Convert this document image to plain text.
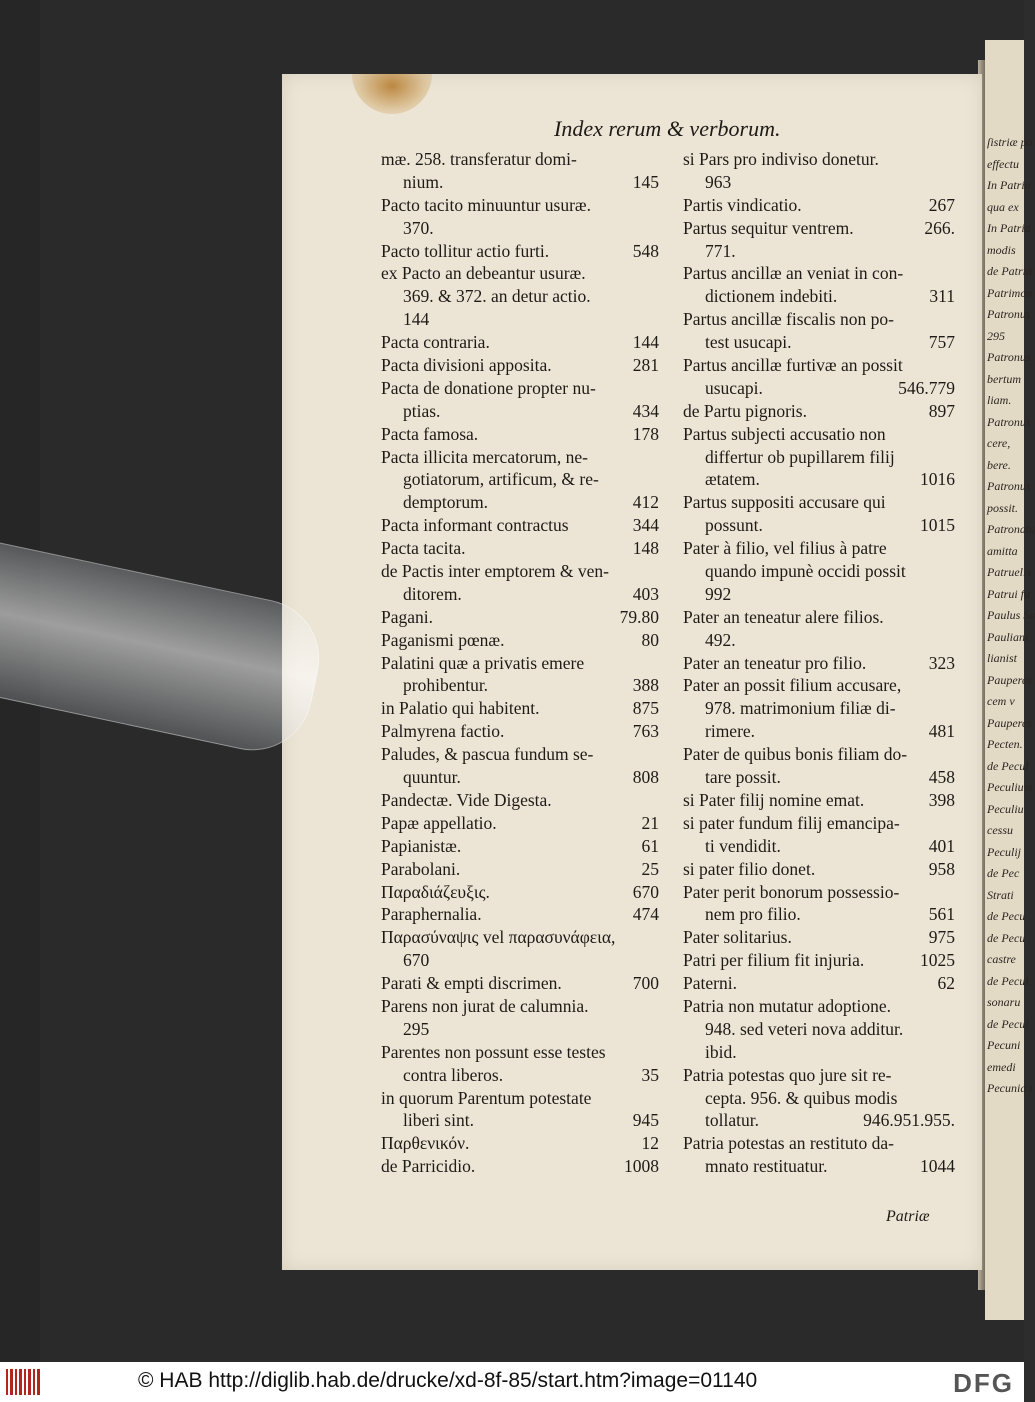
ſistriæ po
effectu
In Patria
qua ex
In Patria
modis
de Patria
Patrimon
Patronus
295
Patronus
bertum
liam.
Patronus
cere,
bere.
Patronus
possit.
Patronatu
amitta
Patruelis
Patrui fu
Paulus Sa
Pauliani
lianist
Pauperes
cem v
Pauperes
Pecten.
de Pecul
Peculium
Peculiu
cessu
Peculij
de Pec
Strati
de Pecu
de Pecu
castre
de Pecul
sonaru
de Pecul
Pecuni
emedi
Pecunia t
Index rerum & verborum.
mæ. 258. transferatur domi-
nium.	145
Pacto tacito minuuntur usuræ.
370.
Pacto tollitur actio furti.	548
ex Pacto an debeantur usuræ.
369. & 372. an detur actio.
144
Pacta contraria.	144
Pacta divisioni apposita.	281
Pacta de donatione propter nu-
ptias.	434
Pacta famosa.	178
Pacta illicita mercatorum, ne-
gotiatorum, artificum, & re-
demptorum.	412
Pacta informant contractus	344
Pacta tacita.	148
de Pactis inter emptorem & ven-
ditorem.	403
Pagani.	79.80
Paganismi pœnæ.	80
Palatini quæ a privatis emere
prohibentur.	388
in Palatio qui habitent.	875
Palmyrena factio.	763
Paludes, & pascua fundum se-
quuntur.	808
Pandectæ. Vide Digesta.
Papæ appellatio.	21
Papianistæ.	61
Parabolani.	25
Παραδιάζευξις.	670
Paraphernalia.	474
Παρασύναψις vel παρασυνάφεια,
670
Parati & empti discrimen.	700
Parens non jurat de calumnia.
295
Parentes non possunt esse testes
contra liberos.	35
in quorum Parentum potestate
liberi sint.	945
Παρθενικόν.	12
de Parricidio.	1008
si Pars pro indiviso donetur.
963
Partis vindicatio.	267
Partus sequitur ventrem.	266.
771.
Partus ancillæ an veniat in con-
dictionem indebiti.	311
Partus ancillæ fiscalis non po-
test usucapi.	757
Partus ancillæ furtivæ an possit
usucapi.	546.779
de Partu pignoris.	897
Partus subjecti accusatio non
differtur ob pupillarem filij
ætatem.	1016
Partus suppositi accusare qui
possunt.	1015
Pater à filio, vel filius à patre
quando impunè occidi possit
992
Pater an teneatur alere filios.
492.
Pater an teneatur pro filio.	323
Pater an possit filium accusare,
978. matrimonium filiæ di-
rimere.	481
Pater de quibus bonis filiam do-
tare possit.	458
si Pater filij nomine emat.	398
si pater fundum filij emancipa-
ti vendidit.	401
si pater filio donet.	958
Pater perit bonorum possessio-
nem pro filio.	561
Pater solitarius.	975
Patri per filium fit injuria.	1025
Paterni.	62
Patria non mutatur adoptione.
948. sed veteri nova additur.
ibid.
Patria potestas quo jure sit re-
cepta. 956. & quibus modis
tollatur.	946.951.955.
Patria potestas an restituto da-
mnato restituatur.	1044
Patriæ
© HAB http://diglib.hab.de/drucke/xd-8f-85/start.htm?image=01140	DFG
